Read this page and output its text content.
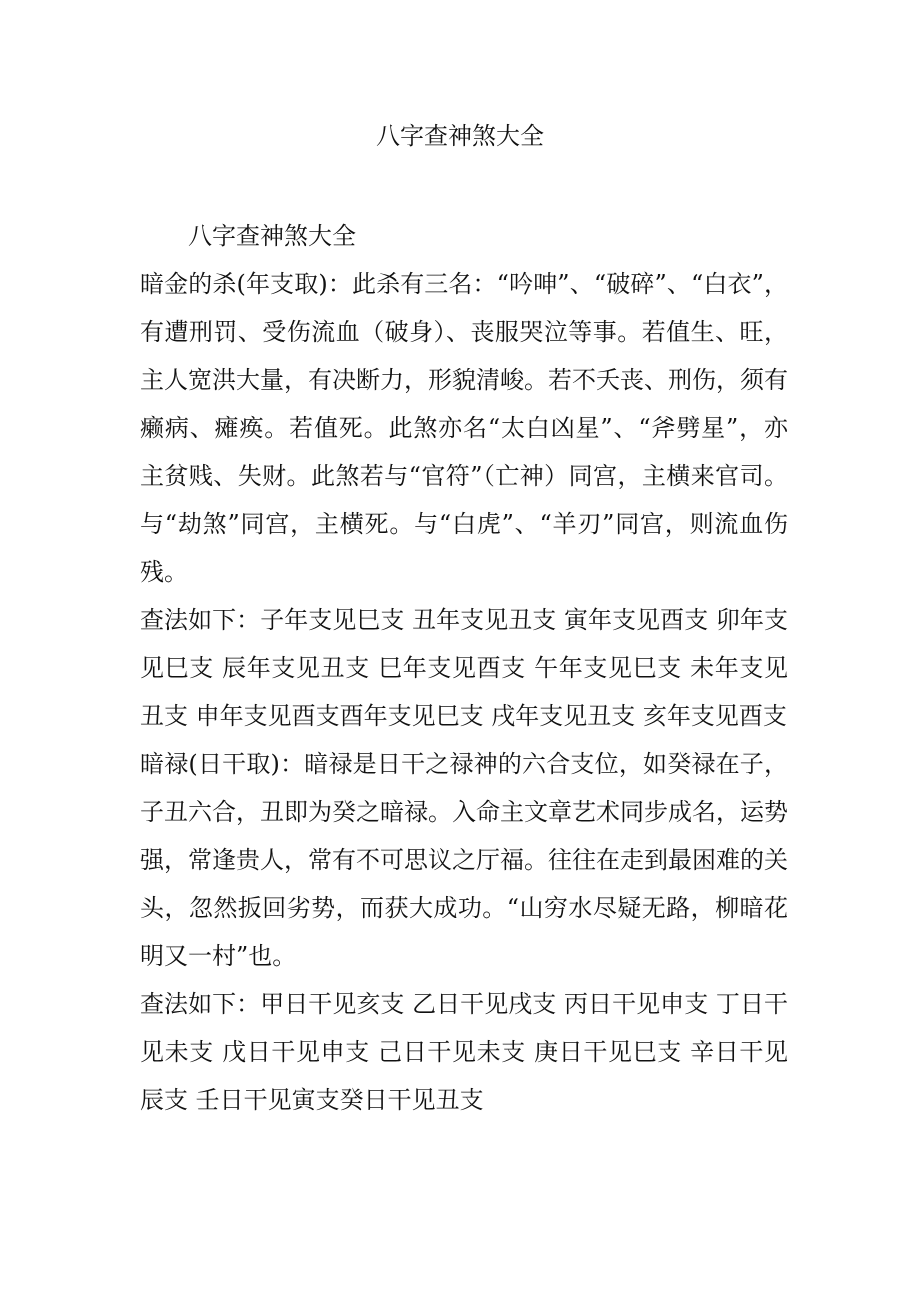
八字查神煞大全
八字查神煞大全

暗金的杀(年支取)：此杀有三名：“吟呻”、“破碎”、“白衣”，有遭刑罚、受伤流血（破身）、丧服哭泣等事。若值生、旺，主人宽洪大量，有决断力，形貌清峻。若不夭丧、刑伤，须有癞病、瘫痪。若值死。此煞亦名“太白凶星”、“斧劈星”，亦主贫贱、失财。此煞若与“官符”（亡神）同宫，主横来官司。与“劫煞”同宫，主横死。与“白虎”、“羊刃”同宫，则流血伤残。

查法如下：子年支见巳支 丑年支见丑支 寅年支见酉支 卯年支见巳支 辰年支见丑支 巳年支见酉支 午年支见巳支 未年支见丑支 申年支见酉支酉年支见巳支 戌年支见丑支 亥年支见酉支

暗禄(日干取)：暗禄是日干之禄神的六合支位，如癸禄在子，子丑六合，丑即为癸之暗禄。入命主文章艺术同步成名，运势强，常逢贵人，常有不可思议之厅福。往往在走到最困难的关头，忽然扳回劣势，而获大成功。“山穷水尽疑无路，柳暗花明又一村”也。

查法如下：甲日干见亥支 乙日干见戌支 丙日干见申支 丁日干见未支 戊日干见申支 己日干见未支 庚日干见巳支 辛日干见辰支 壬日干见寅支癸日干见丑支
